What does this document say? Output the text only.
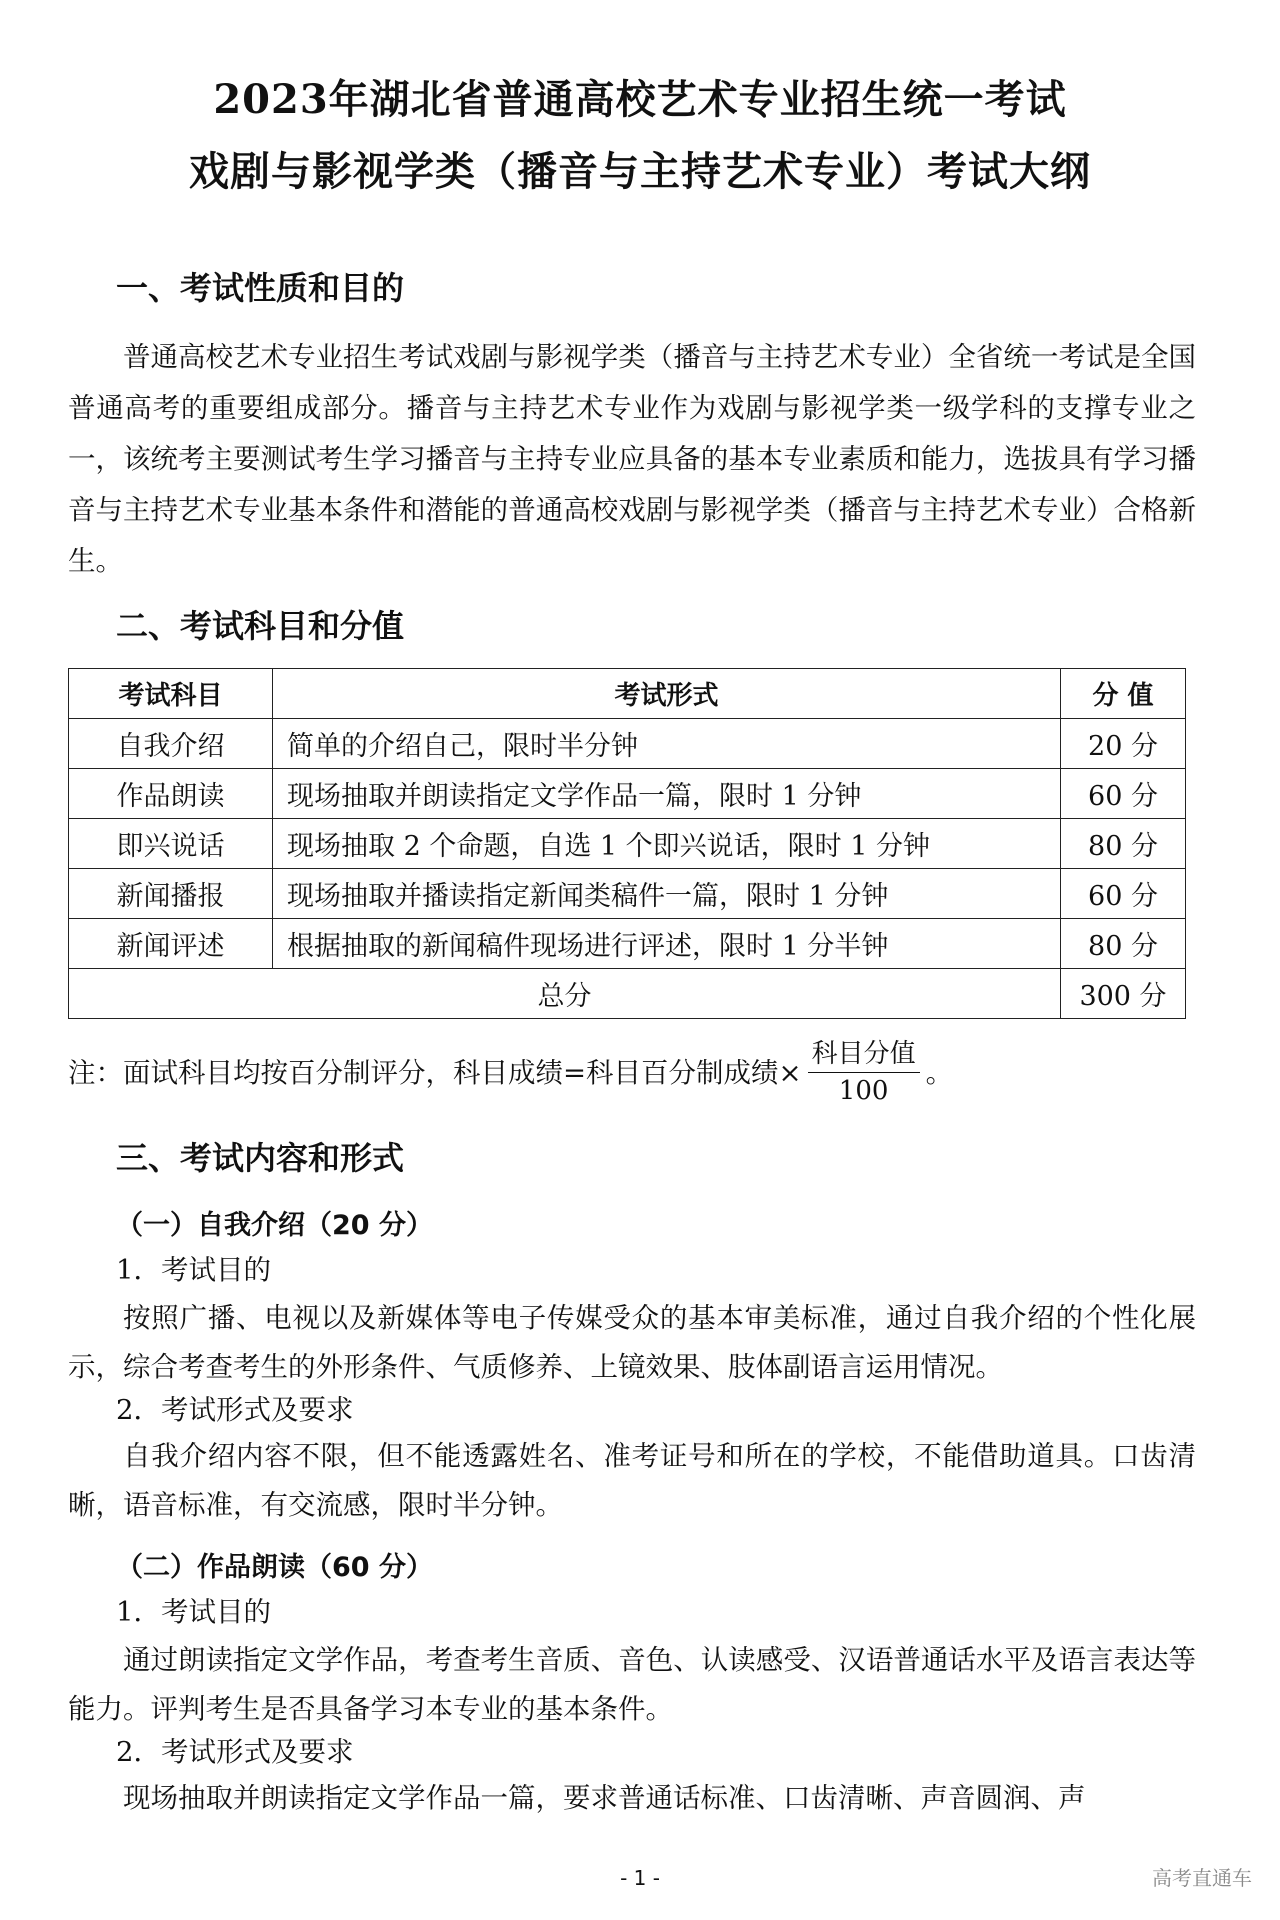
2023年湖北省普通高校艺术专业招生统一考试
戏剧与影视学类（播音与主持艺术专业）考试大纲
一、考试性质和目的
普通高校艺术专业招生考试戏剧与影视学类（播音与主持艺术专业）全省统一考试是全国普通高考的重要组成部分。播音与主持艺术专业作为戏剧与影视学类一级学科的支撑专业之一，该统考主要测试考生学习播音与主持专业应具备的基本专业素质和能力，选拔具有学习播音与主持艺术专业基本条件和潜能的普通高校戏剧与影视学类（播音与主持艺术专业）合格新生。
二、考试科目和分值
考试科目	考试形式	分 值
自我介绍	简单的介绍自己，限时半分钟	20 分
作品朗读	现场抽取并朗读指定文学作品一篇，限时 1 分钟	60 分
即兴说话	现场抽取 2 个命题，自选 1 个即兴说话，限时 1 分钟	80 分
新闻播报	现场抽取并播读指定新闻类稿件一篇，限时 1 分钟	60 分
新闻评述	根据抽取的新闻稿件现场进行评述，限时 1 分半钟	80 分
总分		300 分
注：面试科目均按百分制评分，科目成绩=科目百分制成绩× $\frac{\text{科目分值}}{100}$ 。
三、考试内容和形式
（一）自我介绍（20 分）
1．考试目的
按照广播、电视以及新媒体等电子传媒受众的基本审美标准，通过自我介绍的个性化展示，综合考查考生的外形条件、气质修养、上镜效果、肢体副语言运用情况。
2．考试形式及要求
自我介绍内容不限，但不能透露姓名、准考证号和所在的学校，不能借助道具。口齿清晰，语音标准，有交流感，限时半分钟。
（二）作品朗读（60 分）
1．考试目的
通过朗读指定文学作品，考查考生音质、音色、认读感受、汉语普通话水平及语言表达等能力。评判考生是否具备学习本专业的基本条件。
2．考试形式及要求
现场抽取并朗读指定文学作品一篇，要求普通话标准、口齿清晰、声音圆润、声
- 1 -	高考直通车
